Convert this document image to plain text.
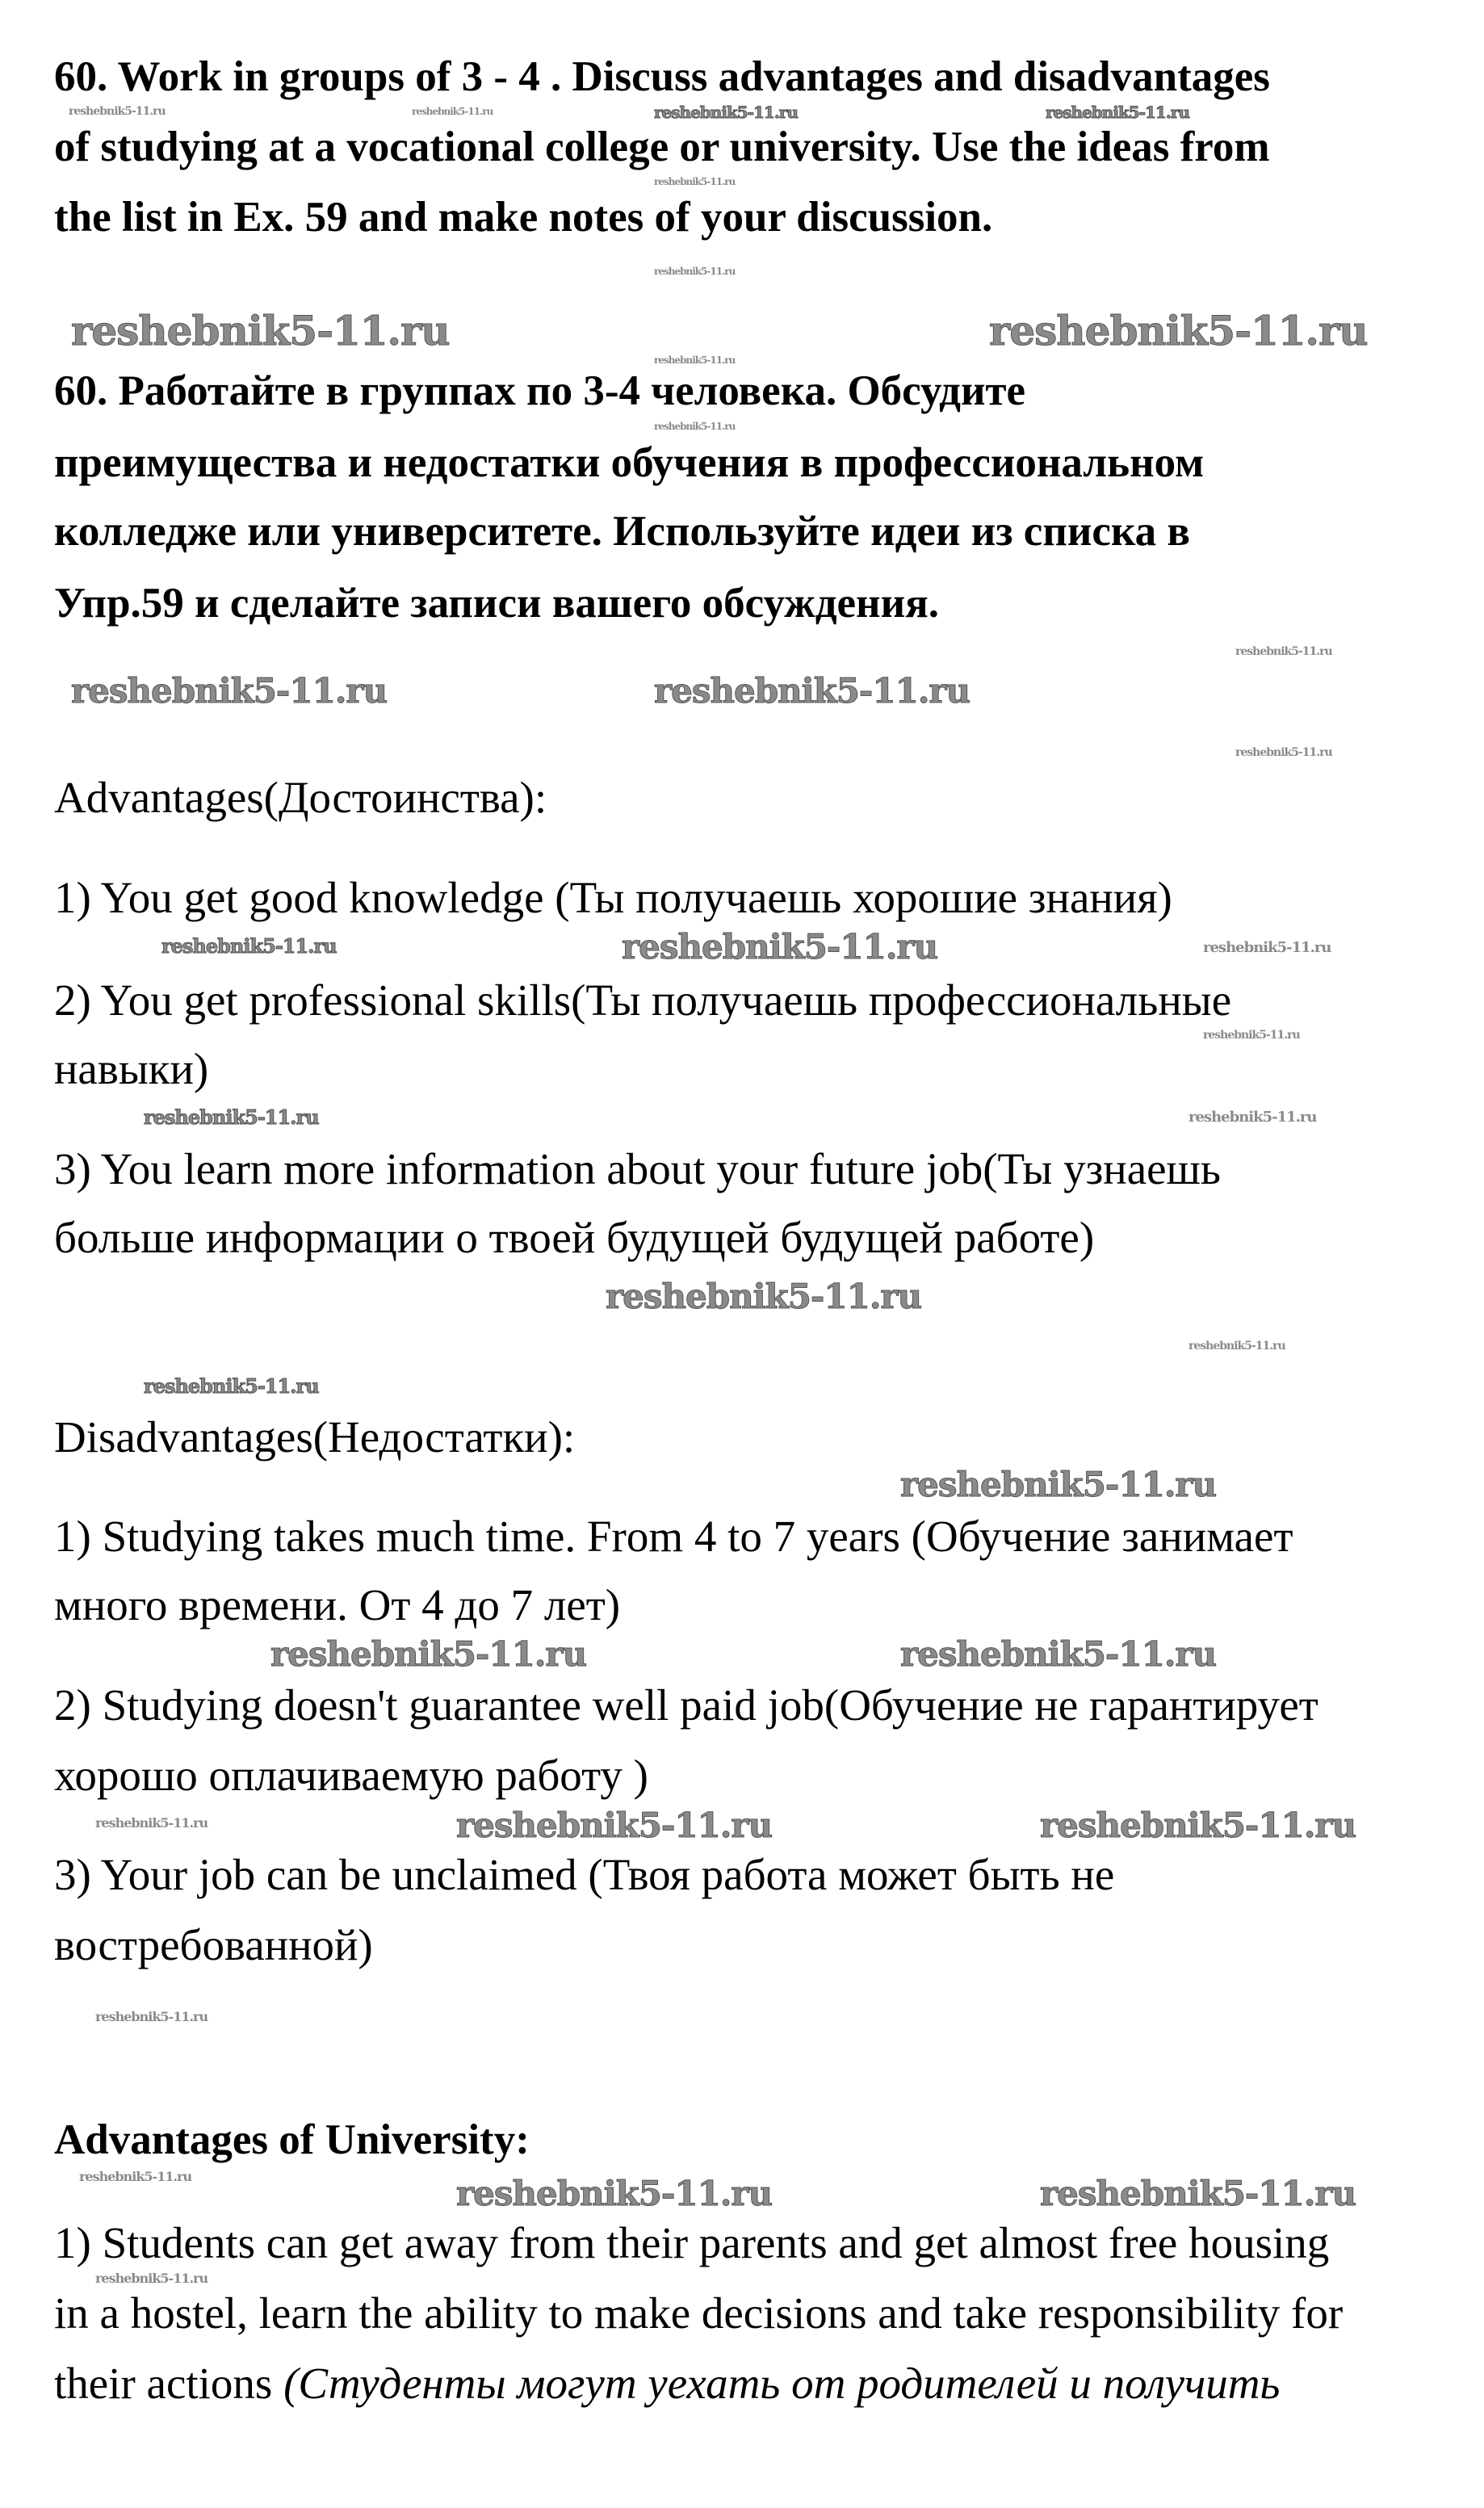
reshebnik5-11.ru	reshebnik5-11.ru	reshebnik5-11.ru	reshebnik5-11.ru
reshebnik5-11.ru
reshebnik5-11.ru
reshebnik5-11.ru	reshebnik5-11.ru
reshebnik5-11.ru
reshebnik5-11.ru
reshebnik5-11.ru
reshebnik5-11.ru	reshebnik5-11.ru
reshebnik5-11.ru
reshebnik5-11.ru	reshebnik5-11.ru	reshebnik5-11.ru
reshebnik5-11.ru
reshebnik5-11.ru	reshebnik5-11.ru
reshebnik5-11.ru
reshebnik5-11.ru
reshebnik5-11.ru
reshebnik5-11.ru
reshebnik5-11.ru	reshebnik5-11.ru
reshebnik5-11.ru	reshebnik5-11.ru	reshebnik5-11.ru
reshebnik5-11.ru
reshebnik5-11.ru	reshebnik5-11.ru	reshebnik5-11.ru
reshebnik5-11.ru
60. Work in groups of 3 - 4 . Discuss advantages and disadvantages
of studying at a vocational college or university. Use the ideas from
the list in Ex. 59 and make notes of your discussion.
60. Работайте в группах по 3-4 человека. Обсудите
преимущества и недостатки обучения в профессиональном
колледже или университете. Используйте идеи из списка в
Упр.59 и сделайте записи вашего обсуждения.
Advantages(Достоинства):
1) You get good knowledge (Ты получаешь хорошие знания)
2) You get professional skills(Ты получаешь профессиональные
навыки)
3) You learn more information about your future job(Ты узнаешь
больше информации о твоей будущей будущей работе)
Disadvantages(Недостатки):
1) Studying takes much time. From 4 to 7 years (Обучение занимает
много времени. От 4 до 7 лет)
2) Studying doesn't guarantee well paid job(Обучение не гарантирует
хорошо оплачиваемую работу )
3) Your job can be unclaimed (Твоя работа может быть не
востребованной)
Advantages of University:
1) Students can get away from their parents and get almost free housing
in a hostel, learn the ability to make decisions and take responsibility for
their actions (Студенты могут уехать от родителей и получить
